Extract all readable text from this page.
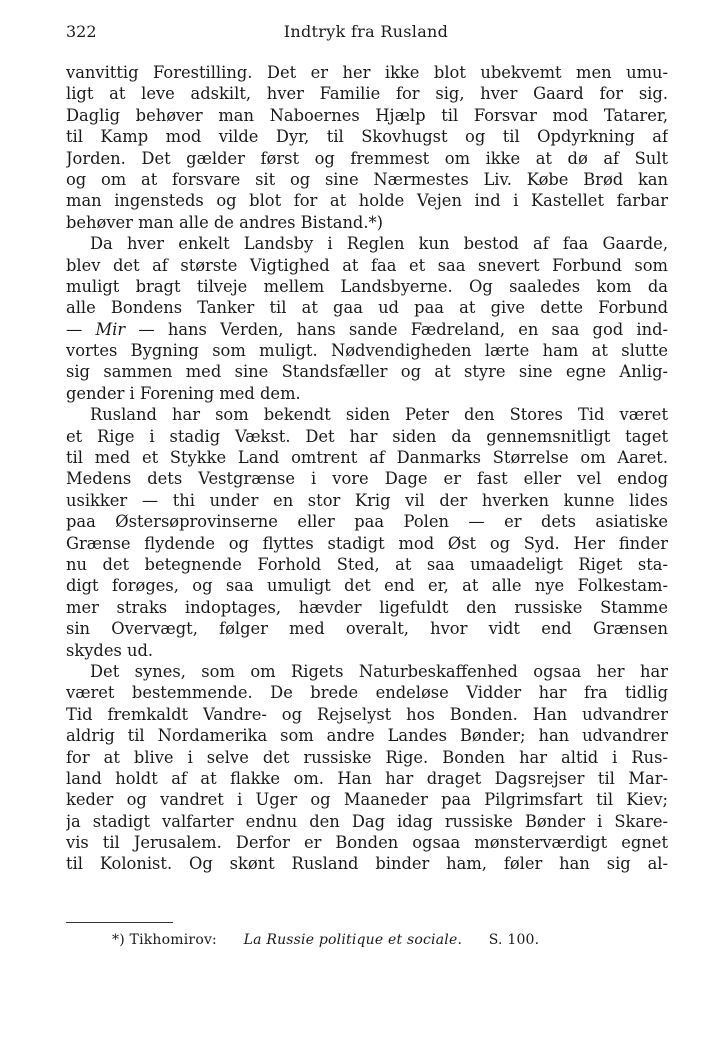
322	Indtryk fra Rusland
vanvittig Forestilling. Det er her ikke blot ubekvemt men umu-
ligt at leve adskilt, hver Familie for sig, hver Gaard for sig.
Daglig behøver man Naboernes Hjælp til Forsvar mod Tatarer,
til Kamp mod vilde Dyr, til Skovhugst og til Opdyrkning af
Jorden. Det gælder først og fremmest om ikke at dø af Sult
og om at forsvare sit og sine Nærmestes Liv. Købe Brød kan
man ingensteds og blot for at holde Vejen ind i Kastellet farbar
behøver man alle de andres Bistand.*)
Da hver enkelt Landsby i Reglen kun bestod af faa Gaarde,
blev det af største Vigtighed at faa et saa snevert Forbund som
muligt bragt tilveje mellem Landsbyerne. Og saaledes kom da
alle Bondens Tanker til at gaa ud paa at give dette Forbund
— Mir — hans Verden, hans sande Fædreland, en saa god ind-
vortes Bygning som muligt. Nødvendigheden lærte ham at slutte
sig sammen med sine Standsfæller og at styre sine egne Anlig-
gender i Forening med dem.
Rusland har som bekendt siden Peter den Stores Tid været
et Rige i stadig Vækst. Det har siden da gennemsnitligt taget
til med et Stykke Land omtrent af Danmarks Størrelse om Aaret.
Medens dets Vestgrænse i vore Dage er fast eller vel endog
usikker — thi under en stor Krig vil der hverken kunne lides
paa Østersøprovinserne eller paa Polen — er dets asiatiske
Grænse flydende og flyttes stadigt mod Øst og Syd. Her finder
nu det betegnende Forhold Sted, at saa umaadeligt Riget sta-
digt forøges, og saa umuligt det end er, at alle nye Folkestam-
mer straks indoptages, hævder ligefuldt den russiske Stamme
sin Overvægt, følger med overalt, hvor vidt end Grænsen
skydes ud.
Det synes, som om Rigets Naturbeskaffenhed ogsaa her har
været bestemmende. De brede endeløse Vidder har fra tidlig
Tid fremkaldt Vandre- og Rejselyst hos Bonden. Han udvandrer
aldrig til Nordamerika som andre Landes Bønder; han udvandrer
for at blive i selve det russiske Rige. Bonden har altid i Rus-
land holdt af at flakke om. Han har draget Dagsrejser til Mar-
keder og vandret i Uger og Maaneder paa Pilgrimsfart til Kiev;
ja stadigt valfarter endnu den Dag idag russiske Bønder i Skare-
vis til Jerusalem. Derfor er Bonden ogsaa mønsterværdigt egnet
til Kolonist. Og skønt Rusland binder ham, føler han sig al-
*) Tikhomirov: La Russie politique et sociale. S. 100.
